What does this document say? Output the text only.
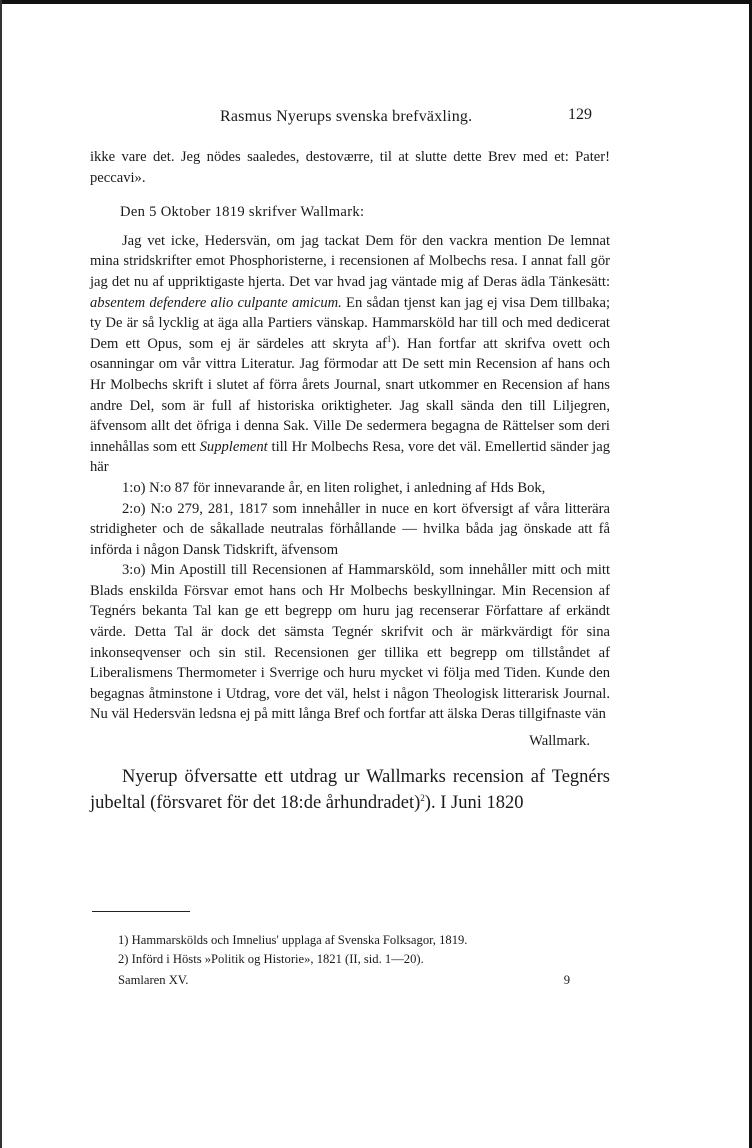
Rasmus Nyerups svenska brefväxling.	129

ikke vare det. Jeg nödes saaledes, destoværre, til at slutte dette Brev med et: Pater! peccavi».

Den 5 Oktober 1819 skrifver Wallmark:

Jag vet icke, Hedersvän, om jag tackat Dem för den vackra mention De lemnat mina stridskrifter emot Phosphoristerne, i recensionen af Molbechs resa. I annat fall gör jag det nu af uppriktigaste hjerta. Det var hvad jag väntade mig af Deras ädla Tänkesätt: absentem defendere alio culpante amicum. En sådan tjenst kan jag ej visa Dem tillbaka; ty De är så lycklig at äga alla Partiers vänskap. Hammarsköld har till och med dedicerat Dem ett Opus, som ej är särdeles att skryta $af^1$). Han fortfar att skrifva ovett och osanningar om vår vittra Literatur. Jag förmodar att De sett min Recension af hans och Hr Molbechs skrift i slutet af förra årets Journal, snart utkommer en Recension af hans andre Del, som är full af historiska oriktigheter. Jag skall sända den till Liljegren, äfvensom allt det öfriga i denna Sak. Ville De sedermera begagna de Rättelser som deri innehållas som ett Supplement till Hr Molbechs Resa, vore det väl. Emellertid sänder jag här

1:o) N:o 87 för innevarande år, en liten rolighet, i anledning af Hds Bok,

2:o) N:o 279, 281, 1817 som innehåller in nuce en kort öfversigt af våra litterära stridigheter och de såkallade neutralas förhållande — hvilka båda jag önskade att få införda i någon Dansk Tidskrift, äfvensom

3:o) Min Apostill till Recensionen af Hammarsköld, som innehåller mitt och mitt Blads enskilda Försvar emot hans och Hr Molbechs beskyllningar. Min Recension af Tegnérs bekanta Tal kan ge ett begrepp om huru jag recenserar Författare af erkändt värde. Detta Tal är dock det sämsta Tegnér skrifvit och är märkvärdigt för sina inkonseqvenser och sin stil. Recensionen ger tillika ett begrepp om tillståndet af Liberalismens Thermometer i Sverrige och huru mycket vi följa med Tiden. Kunde den begagnas åtminstone i Utdrag, vore det väl, helst i någon Theologisk litterarisk Journal. Nu väl Hedersvän ledsna ej på mitt långa Bref och fortfar att älska Deras tillgifnaste vän

Wallmark.

Nyerup öfversatte ett utdrag ur Wallmarks recension af Tegnérs jubeltal (försvaret för det 18:de århundradet)$^2$). I Juni 1820

1) Hammarskölds och Imnelius' upplaga af Svenska Folksagor, 1819.

2) Införd i Hösts »Politik og Historie», 1821 (II, sid. 1—20).

Samlaren XV.	9
